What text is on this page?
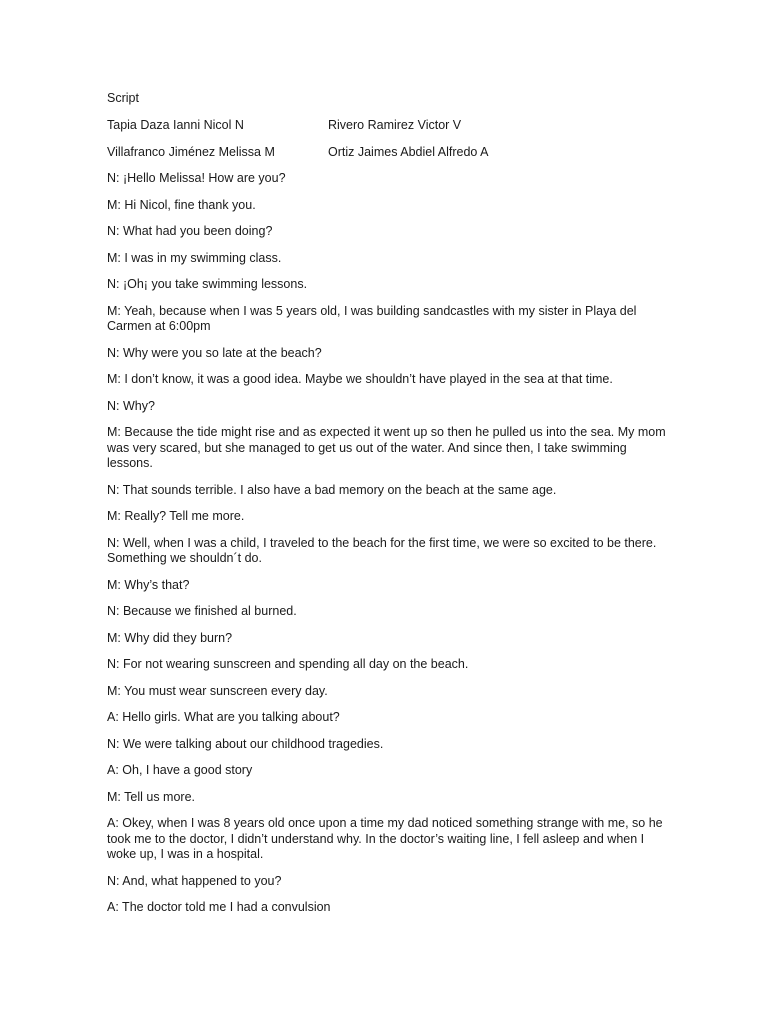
Script

Tapia Daza Ianni Nicol N	Rivero Ramirez Victor V
Villafranco Jiménez Melissa M	Ortiz Jaimes Abdiel Alfredo A

N: ¡Hello Melissa! How are you?

M: Hi Nicol, fine thank you.

N: What had you been doing?

M: I was in my swimming class.

N: ¡Oh¡ you take swimming lessons.

M: Yeah, because when I was 5 years old, I was building sandcastles with my sister in Playa del Carmen at 6:00pm

N: Why were you so late at the beach?

M: I don’t know, it was a good idea. Maybe we shouldn’t have played in the sea at that time.

N: Why?

M: Because the tide might rise and as expected it went up so then he pulled us into the sea. My mom was very scared, but she managed to get us out of the water. And since then, I take swimming lessons.

N: That sounds terrible. I also have a bad memory on the beach at the same age.

M: Really? Tell me more.

N: Well, when I was a child, I traveled to the beach for the first time, we were so excited to be there. Something we shouldn´t do.

M: Why’s that?

N: Because we finished al burned.

M: Why did they burn?

N: For not wearing sunscreen and spending all day on the beach.

M: You must wear sunscreen every day.

A: Hello girls. What are you talking about?

N: We were talking about our childhood tragedies.

A: Oh, I have a good story

M: Tell us more.

A: Okey, when I was 8 years old once upon a time my dad noticed something strange with me, so he took me to the doctor, I didn’t understand why. In the doctor’s waiting line, I fell asleep and when I woke up, I was in a hospital.

N: And, what happened to you?

A: The doctor told me I had a convulsion
